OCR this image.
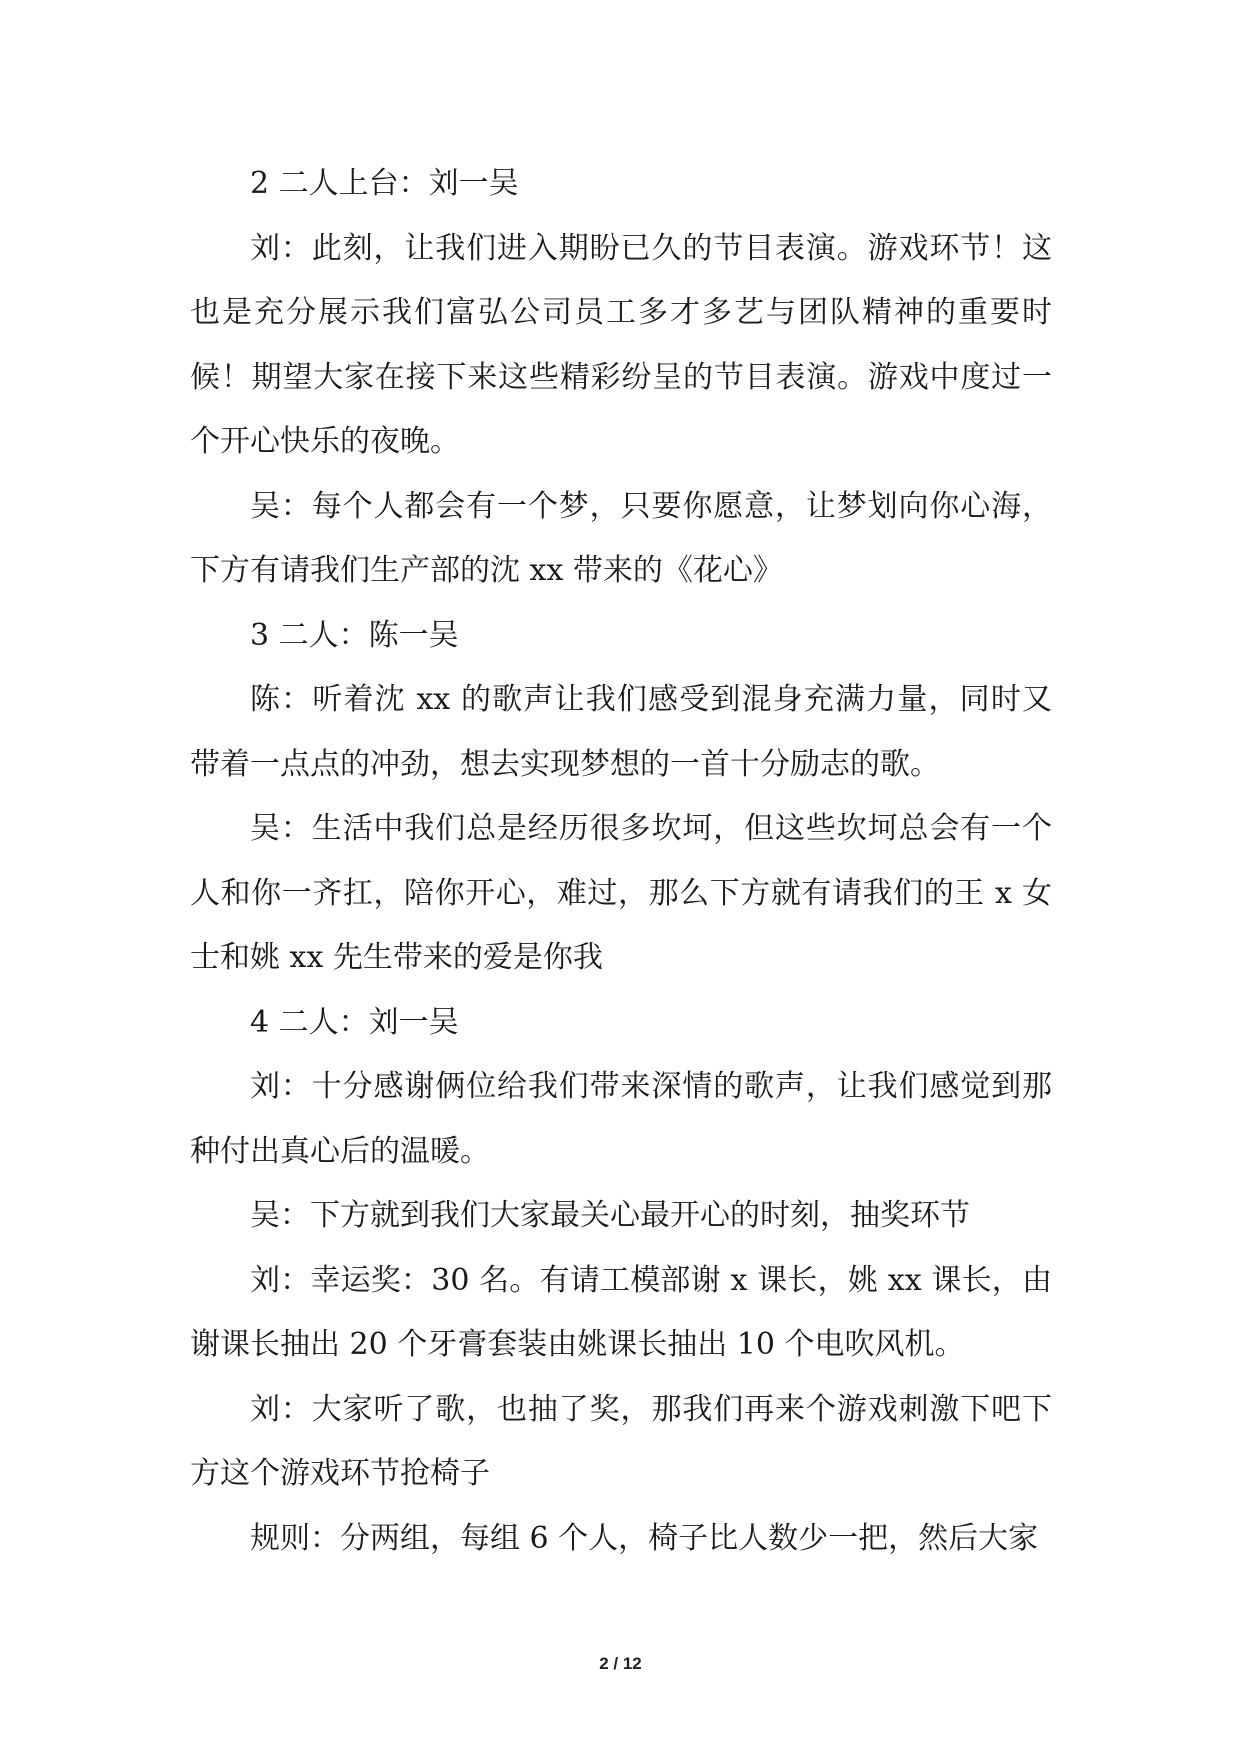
2 二人上台：刘一吴

刘：此刻，让我们进入期盼已久的节目表演。游戏环节！这也是充分展示我们富弘公司员工多才多艺与团队精神的重要时候！期望大家在接下来这些精彩纷呈的节目表演。游戏中度过一个开心快乐的夜晚。

吴：每个人都会有一个梦，只要你愿意，让梦划向你心海，下方有请我们生产部的沈 xx 带来的《花心》

3 二人：陈一吴

陈：听着沈 xx 的歌声让我们感受到混身充满力量，同时又带着一点点的冲劲，想去实现梦想的一首十分励志的歌。

吴：生活中我们总是经历很多坎坷，但这些坎坷总会有一个人和你一齐扛，陪你开心，难过，那么下方就有请我们的王 x 女士和姚 xx 先生带来的爱是你我

4 二人：刘一吴

刘：十分感谢俩位给我们带来深情的歌声，让我们感觉到那种付出真心后的温暖。

吴：下方就到我们大家最关心最开心的时刻，抽奖环节

刘：幸运奖：30 名。有请工模部谢 x 课长，姚 xx 课长，由谢课长抽出 20 个牙膏套装由姚课长抽出 10 个电吹风机。

刘：大家听了歌，也抽了奖，那我们再来个游戏刺激下吧下方这个游戏环节抢椅子

规则：分两组，每组 6 个人，椅子比人数少一把，然后大家

2 / 12
